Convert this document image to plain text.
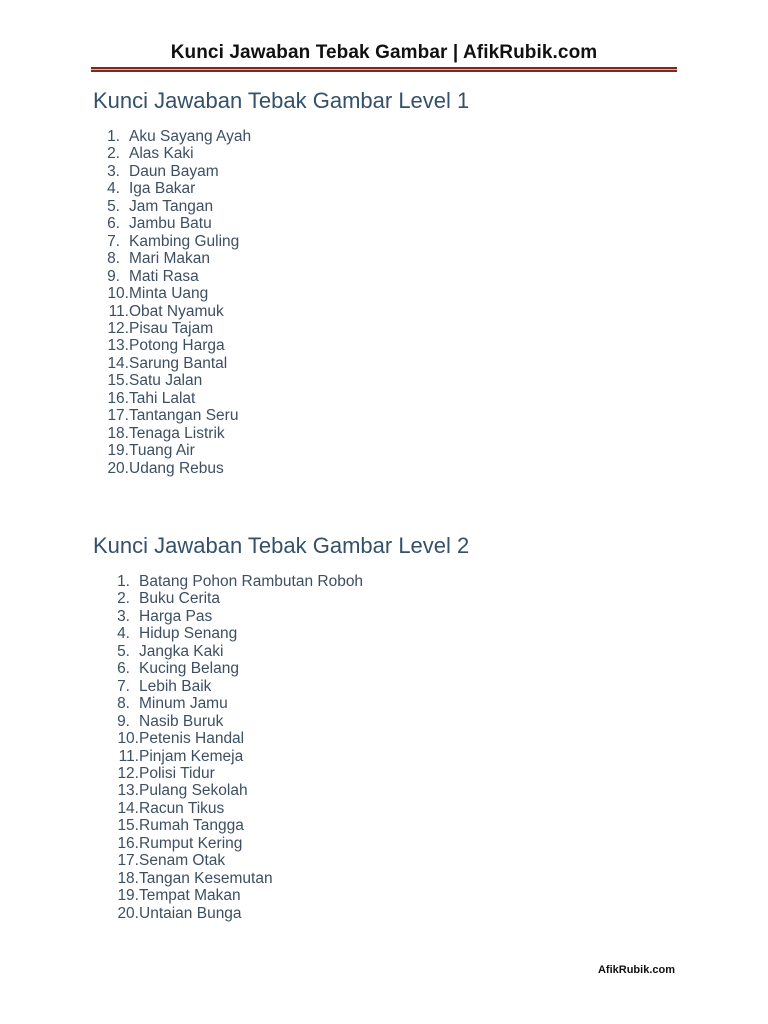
Kunci Jawaban Tebak Gambar | AfikRubik.com
Kunci Jawaban Tebak Gambar Level 1
1. Aku Sayang Ayah
2. Alas Kaki
3. Daun Bayam
4. Iga Bakar
5. Jam Tangan
6. Jambu Batu
7. Kambing Guling
8. Mari Makan
9. Mati Rasa
10. Minta Uang
11. Obat Nyamuk
12. Pisau Tajam
13. Potong Harga
14. Sarung Bantal
15. Satu Jalan
16. Tahi Lalat
17. Tantangan Seru
18. Tenaga Listrik
19. Tuang Air
20. Udang Rebus
Kunci Jawaban Tebak Gambar Level 2
1. Batang Pohon Rambutan Roboh
2. Buku Cerita
3. Harga Pas
4. Hidup Senang
5. Jangka Kaki
6. Kucing Belang
7. Lebih Baik
8. Minum Jamu
9. Nasib Buruk
10. Petenis Handal
11. Pinjam Kemeja
12. Polisi Tidur
13. Pulang Sekolah
14. Racun Tikus
15. Rumah Tangga
16. Rumput Kering
17. Senam Otak
18. Tangan Kesemutan
19. Tempat Makan
20. Untaian Bunga
AfikRubik.com
